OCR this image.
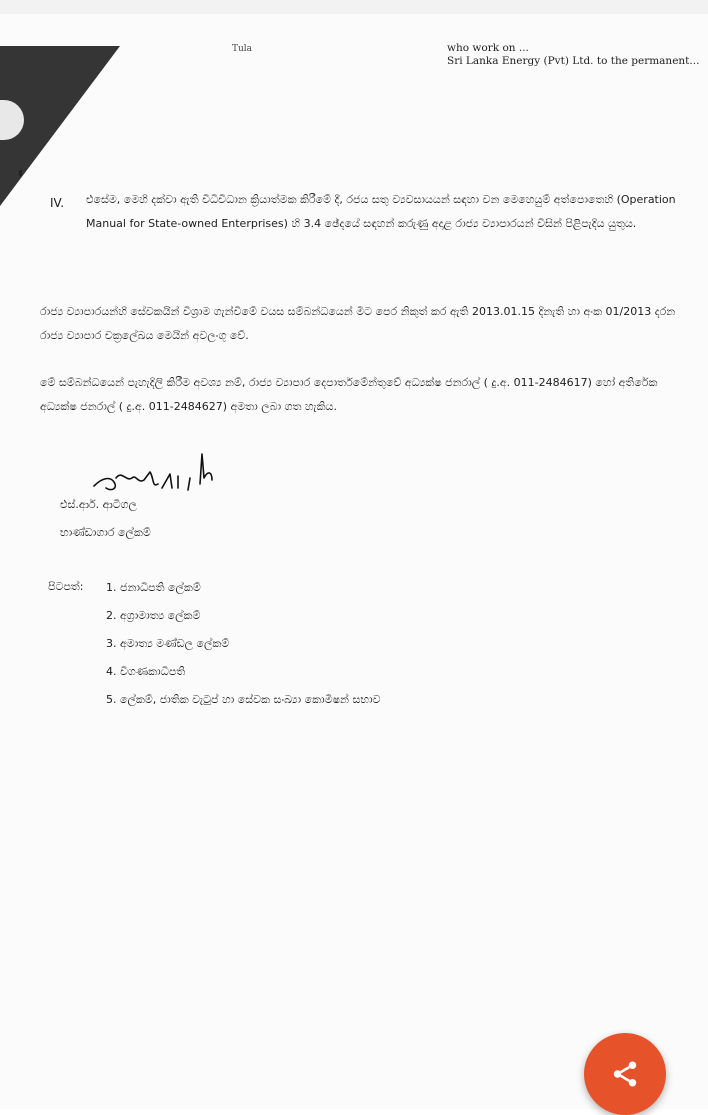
Tula	who work on ...
Sri Lanka Energy (Pvt) Ltd. to the permanent...
IV. එසේම, මෙහි දක්වා ඇති විධිවිධාන ක්‍රියාත්මක කිරීමේ දී, රජය සතු ව්‍යවසායයන් සඳහා වන මෙහෙයුම් අත්පොතෙහි (Operation Manual for State-owned Enterprises) හි 3.4 ඡේදයේ සඳහන් කරුණු අදාළ රාජ්‍ය ව්‍යාපාරයන් විසින් පිළිපැදිය යුතුය.
රාජ්‍ය ව්‍යාපාරයන්හි සේවකයින් විශ්‍රාම ගැන්වීමේ වයස සම්බන්ධයෙන් මීට පෙර නිකුත් කර ඇති 2013.01.15 දිනැති හා අංක 01/2013 දරන රාජ්‍ය ව්‍යාපාර චක්‍රලේඛය මෙයින් අවලංගු වේ.
මේ සම්බන්ධයෙන් පැහැදිලි කිරීම අවශ්‍ය නම්, රාජ්‍ය ව්‍යාපාර දෙපාර්තමේන්තුවේ අධ්‍යක්ෂ ජනරාල් ( දු.අ. 011-2484617) හෝ අතිරේක අධ්‍යක්ෂ ජනරාල් ( දු.අ. 011-2484627) අමතා ලබා ගත හැකිය.
එස්.ආර්. ආටිගල
භාණ්ඩාගාර ලේකම්
පිටපත්: 1. ජනාධිපති ලේකම්
2. අග්‍රාමාත්‍ය ලේකම්
3. අමාත්‍ය මණ්ඩල ලේකම්
4. විගණකාධිපති
5. ලේකම්, ජාතික වැටුප් හා සේවක සංඛ්‍යා කොමිෂන් සභාව
